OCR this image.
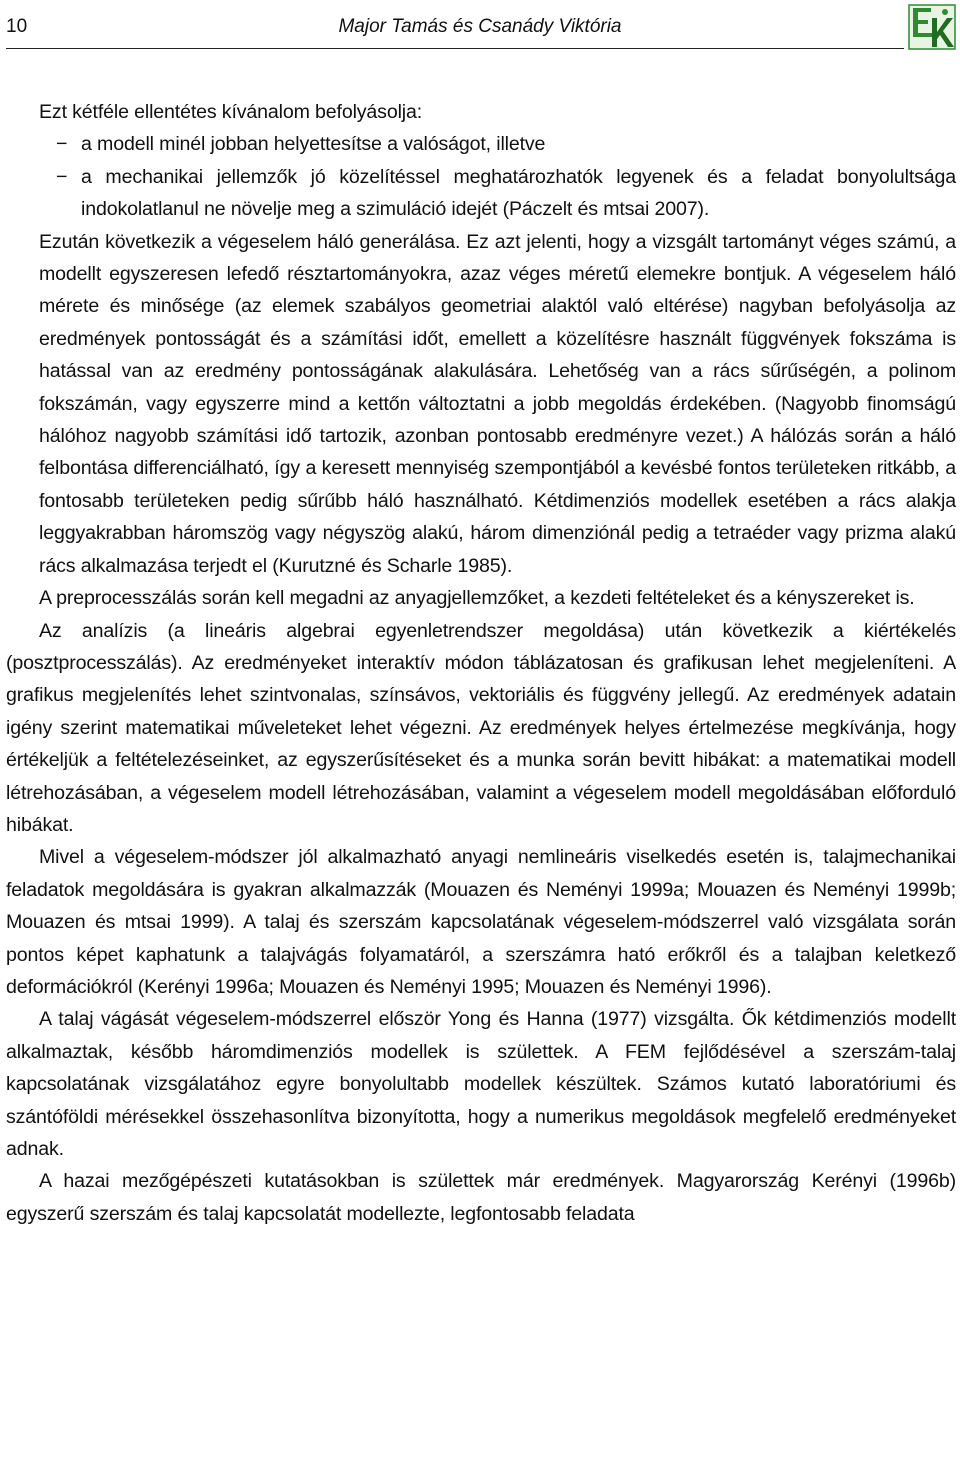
10	Major Tamás és Csanády Viktória

Ezt kétféle ellentétes kívánalom befolyásolja:

− a modell minél jobban helyettesítse a valóságot, illetve
− a mechanikai jellemzők jó közelítéssel meghatározhatók legyenek és a feladat bonyolultsága indokolatlanul ne növelje meg a szimuláció idejét (Páczelt és mtsai 2007).

Ezután következik a végeselem háló generálása. Ez azt jelenti, hogy a vizsgált tartományt véges számú, a modellt egyszeresen lefedő résztartományokra, azaz véges méretű elemekre bontjuk. A végeselem háló mérete és minősége (az elemek szabályos geometriai alaktól való eltérése) nagyban befolyásolja az eredmények pontosságát és a számítási időt, emellett a közelítésre használt függvények fokszáma is hatással van az eredmény pontosságának alakulására. Lehetőség van a rács sűrűségén, a polinom fokszámán, vagy egyszerre mind a kettőn változtatni a jobb megoldás érdekében. (Nagyobb finomságú hálóhoz nagyobb számítási idő tartozik, azonban pontosabb eredményre vezet.) A hálózás során a háló felbontása differenciálható, így a keresett mennyiség szempontjából a kevésbé fontos területeken ritkább, a fontosabb területeken pedig sűrűbb háló használható. Kétdimenziós modellek esetében a rács alakja leggyakrabban háromszög vagy négyszög alakú, három dimenziónál pedig a tetraéder vagy prizma alakú rács alkalmazása terjedt el (Kurutzné és Scharle 1985).

A preprocesszálás során kell megadni az anyagjellemzőket, a kezdeti feltételeket és a kényszereket is.

Az analízis (a lineáris algebrai egyenletrendszer megoldása) után következik a kiértékelés (posztprocesszálás). Az eredményeket interaktív módon táblázatosan és grafikusan lehet megjeleníteni. A grafikus megjelenítés lehet szintvonalas, színsávos, vektoriális és függvény jellegű. Az eredmények adatain igény szerint matematikai műveleteket lehet végezni. Az eredmények helyes értelmezése megkívánja, hogy értékeljük a feltételezéseinket, az egyszerűsítéseket és a munka során bevitt hibákat: a matematikai modell létrehozásában, a végeselem modell létrehozásában, valamint a végeselem modell megoldásában előforduló hibákat.

Mivel a végeselem-módszer jól alkalmazható anyagi nemlineáris viselkedés esetén is, talajmechanikai feladatok megoldására is gyakran alkalmazzák (Mouazen és Neményi 1999a; Mouazen és Neményi 1999b; Mouazen és mtsai 1999). A talaj és szerszám kapcsolatának végeselem-módszerrel való vizsgálata során pontos képet kaphatunk a talajvágás folyamatáról, a szerszámra ható erőkről és a talajban keletkező deformációkról (Kerényi 1996a; Mouazen és Neményi 1995; Mouazen és Neményi 1996).

A talaj vágását végeselem-módszerrel először Yong és Hanna (1977) vizsgálta. Ők kétdimenziós modellt alkalmaztak, később háromdimenziós modellek is születtek. A FEM fejlődésével a szerszám-talaj kapcsolatának vizsgálatához egyre bonyolultabb modellek készültek. Számos kutató laboratóriumi és szántóföldi mérésekkel összehasonlítva bizonyította, hogy a numerikus megoldások megfelelő eredményeket adnak.

A hazai mezőgépészeti kutatásokban is születtek már eredmények. Magyarország Kerényi (1996b) egyszerű szerszám és talaj kapcsolatát modellezte, legfontosabb feladata
